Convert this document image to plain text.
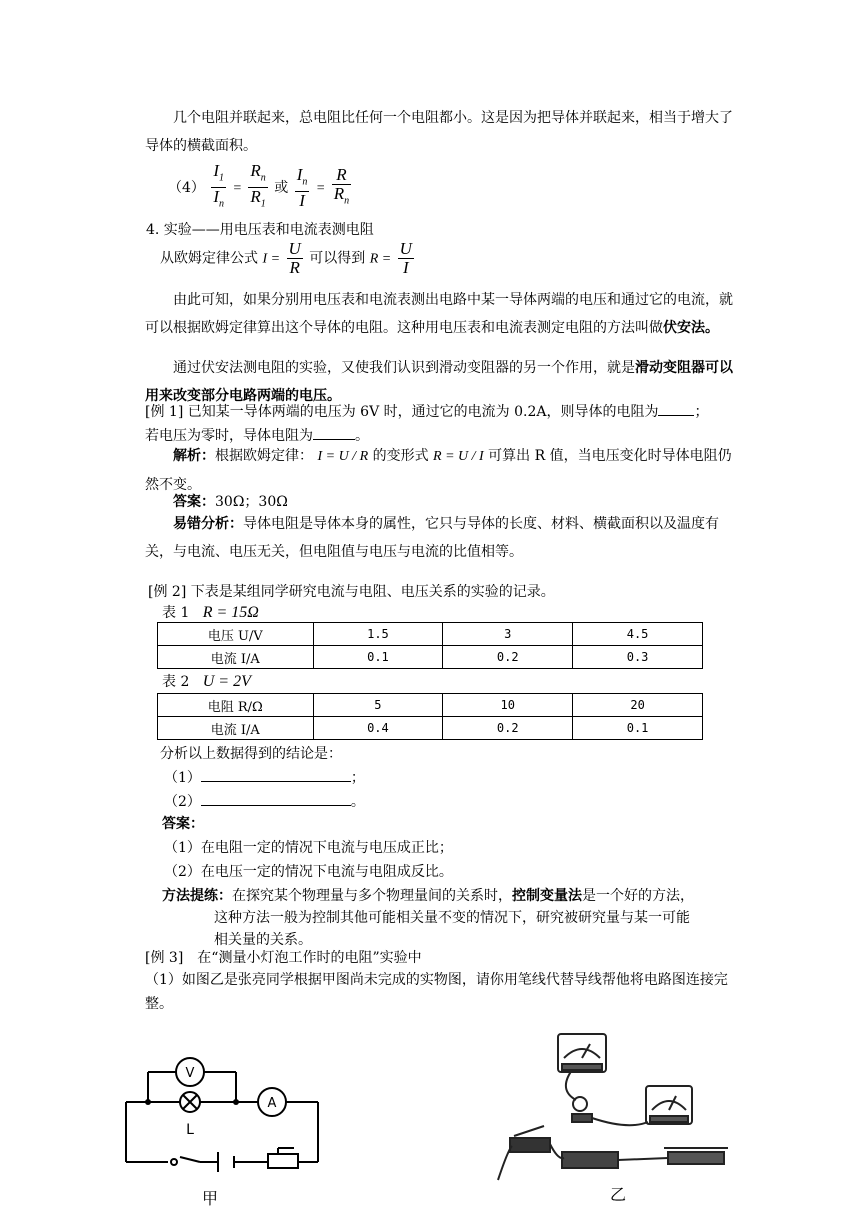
几个电阻并联起来，总电阻比任何一个电阻都小。这是因为把导体并联起来，相当于增大了导体的横截面积。
$(4) \frac{I_1}{I_n} = \frac{R_n}{R_1}$ 或 $\frac{I_n}{I} = \frac{R}{R_n}$
4. 实验——用电压表和电流表测电阻
从欧姆定律公式 $I = \frac{U}{R}$ 可以得到 $R = \frac{U}{I}$
由此可知，如果分别用电压表和电流表测出电路中某一导体两端的电压和通过它的电流，就可以根据欧姆定律算出这个导体的电阻。这种用电压表和电流表测定电阻的方法叫做伏安法。
通过伏安法测电阻的实验，又使我们认识到滑动变阻器的另一个作用，就是滑动变阻器可以用来改变部分电路两端的电压。
[例 1] 已知某一导体两端的电压为 6V 时，通过它的电流为 0.2A，则导体的电阻为	；
若电压为零时，导体电阻为	。
解析：根据欧姆定律： I = U / R 的变形式 R = U / I 可算出 R 值，当电压变化时导体电阻仍然不变。
答案：30Ω；30Ω
易错分析：导体电阻是导体本身的属性，它只与导体的长度、材料、横截面积以及温度有关，与电流、电压无关，但电阻值与电压与电流的比值相等。
[例 2] 下表是某组同学研究电流与电阻、电压关系的实验的记录。
表 1 R = 15Ω
电压 U/V	1.5	3	4.5
电流 I/A	0.1	0.2	0.3
表 2 U = 2V
电阻 R/Ω	5	10	20
电流 I/A	0.4	0.2	0.1
分析以上数据得到的结论是：
（1）	；
（2）	。
答案：
（1）在电阻一定的情况下电流与电压成正比；
（2）在电压一定的情况下电流与电阻成反比。
方法提练：在探究某个物理量与多个物理量间的关系时，控制变量法是一个好的方法，
这种方法一般为控制其他可能相关量不变的情况下，研究被研究量与某一可能
相关量的关系。
[例 3]　在“测量小灯泡工作时的电阻”实验中
（1）如图乙是张亮同学根据甲图尚未完成的实物图，请你用笔线代替导线帮他将电路图连接完整。
V
L
A
甲	乙
